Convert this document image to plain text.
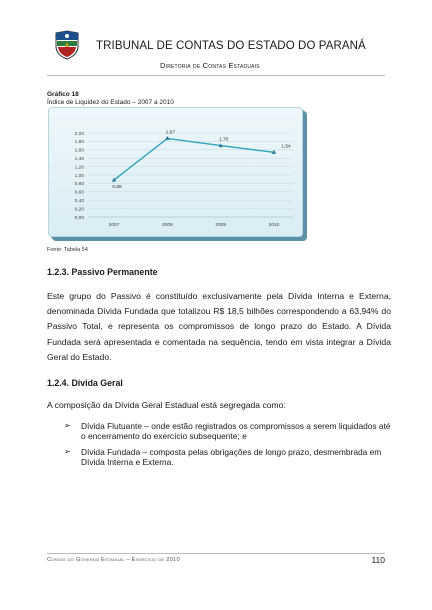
TRIBUNAL DE CONTAS DO ESTADO DO PARANÁ
Diretoria de Contas Estaduais
Gráfico 18
Índice de Liquidez do Estado – 2007 a 2010
0,00
0,20
0,40
0,60
0,80
1,00
1,20
1,40
1,60
1,80
2,00
2007	2008	2009	2010
0,88
1,87
1,70
1,54
Fonte: Tabela 54
1.2.3. Passivo Permanente
Este grupo do Passivo é constituído exclusivamente pela Dívida Interna e Externa, denominada Dívida Fundada que totalizou R$ 18,5 bilhões correspondendo a 63,94% do Passivo Total, e representa os compromissos de longo prazo do Estado. A Dívida Fundada será apresentada e comentada na sequência, tendo em vista integrar a Dívida Geral do Estado.
1.2.4. Dívida Geral
A composição da Dívida Geral Estadual está segregada como:
➢ Dívida Flutuante – onde estão registrados os compromissos a serem liquidados até o encerramento do exercício subsequente; e
➢ Dívida Fundada – composta pelas obrigações de longo prazo, desmembrada em Dívida Interna e Externa.
Contas do Governo Estadual – Exercício de 2010	110
